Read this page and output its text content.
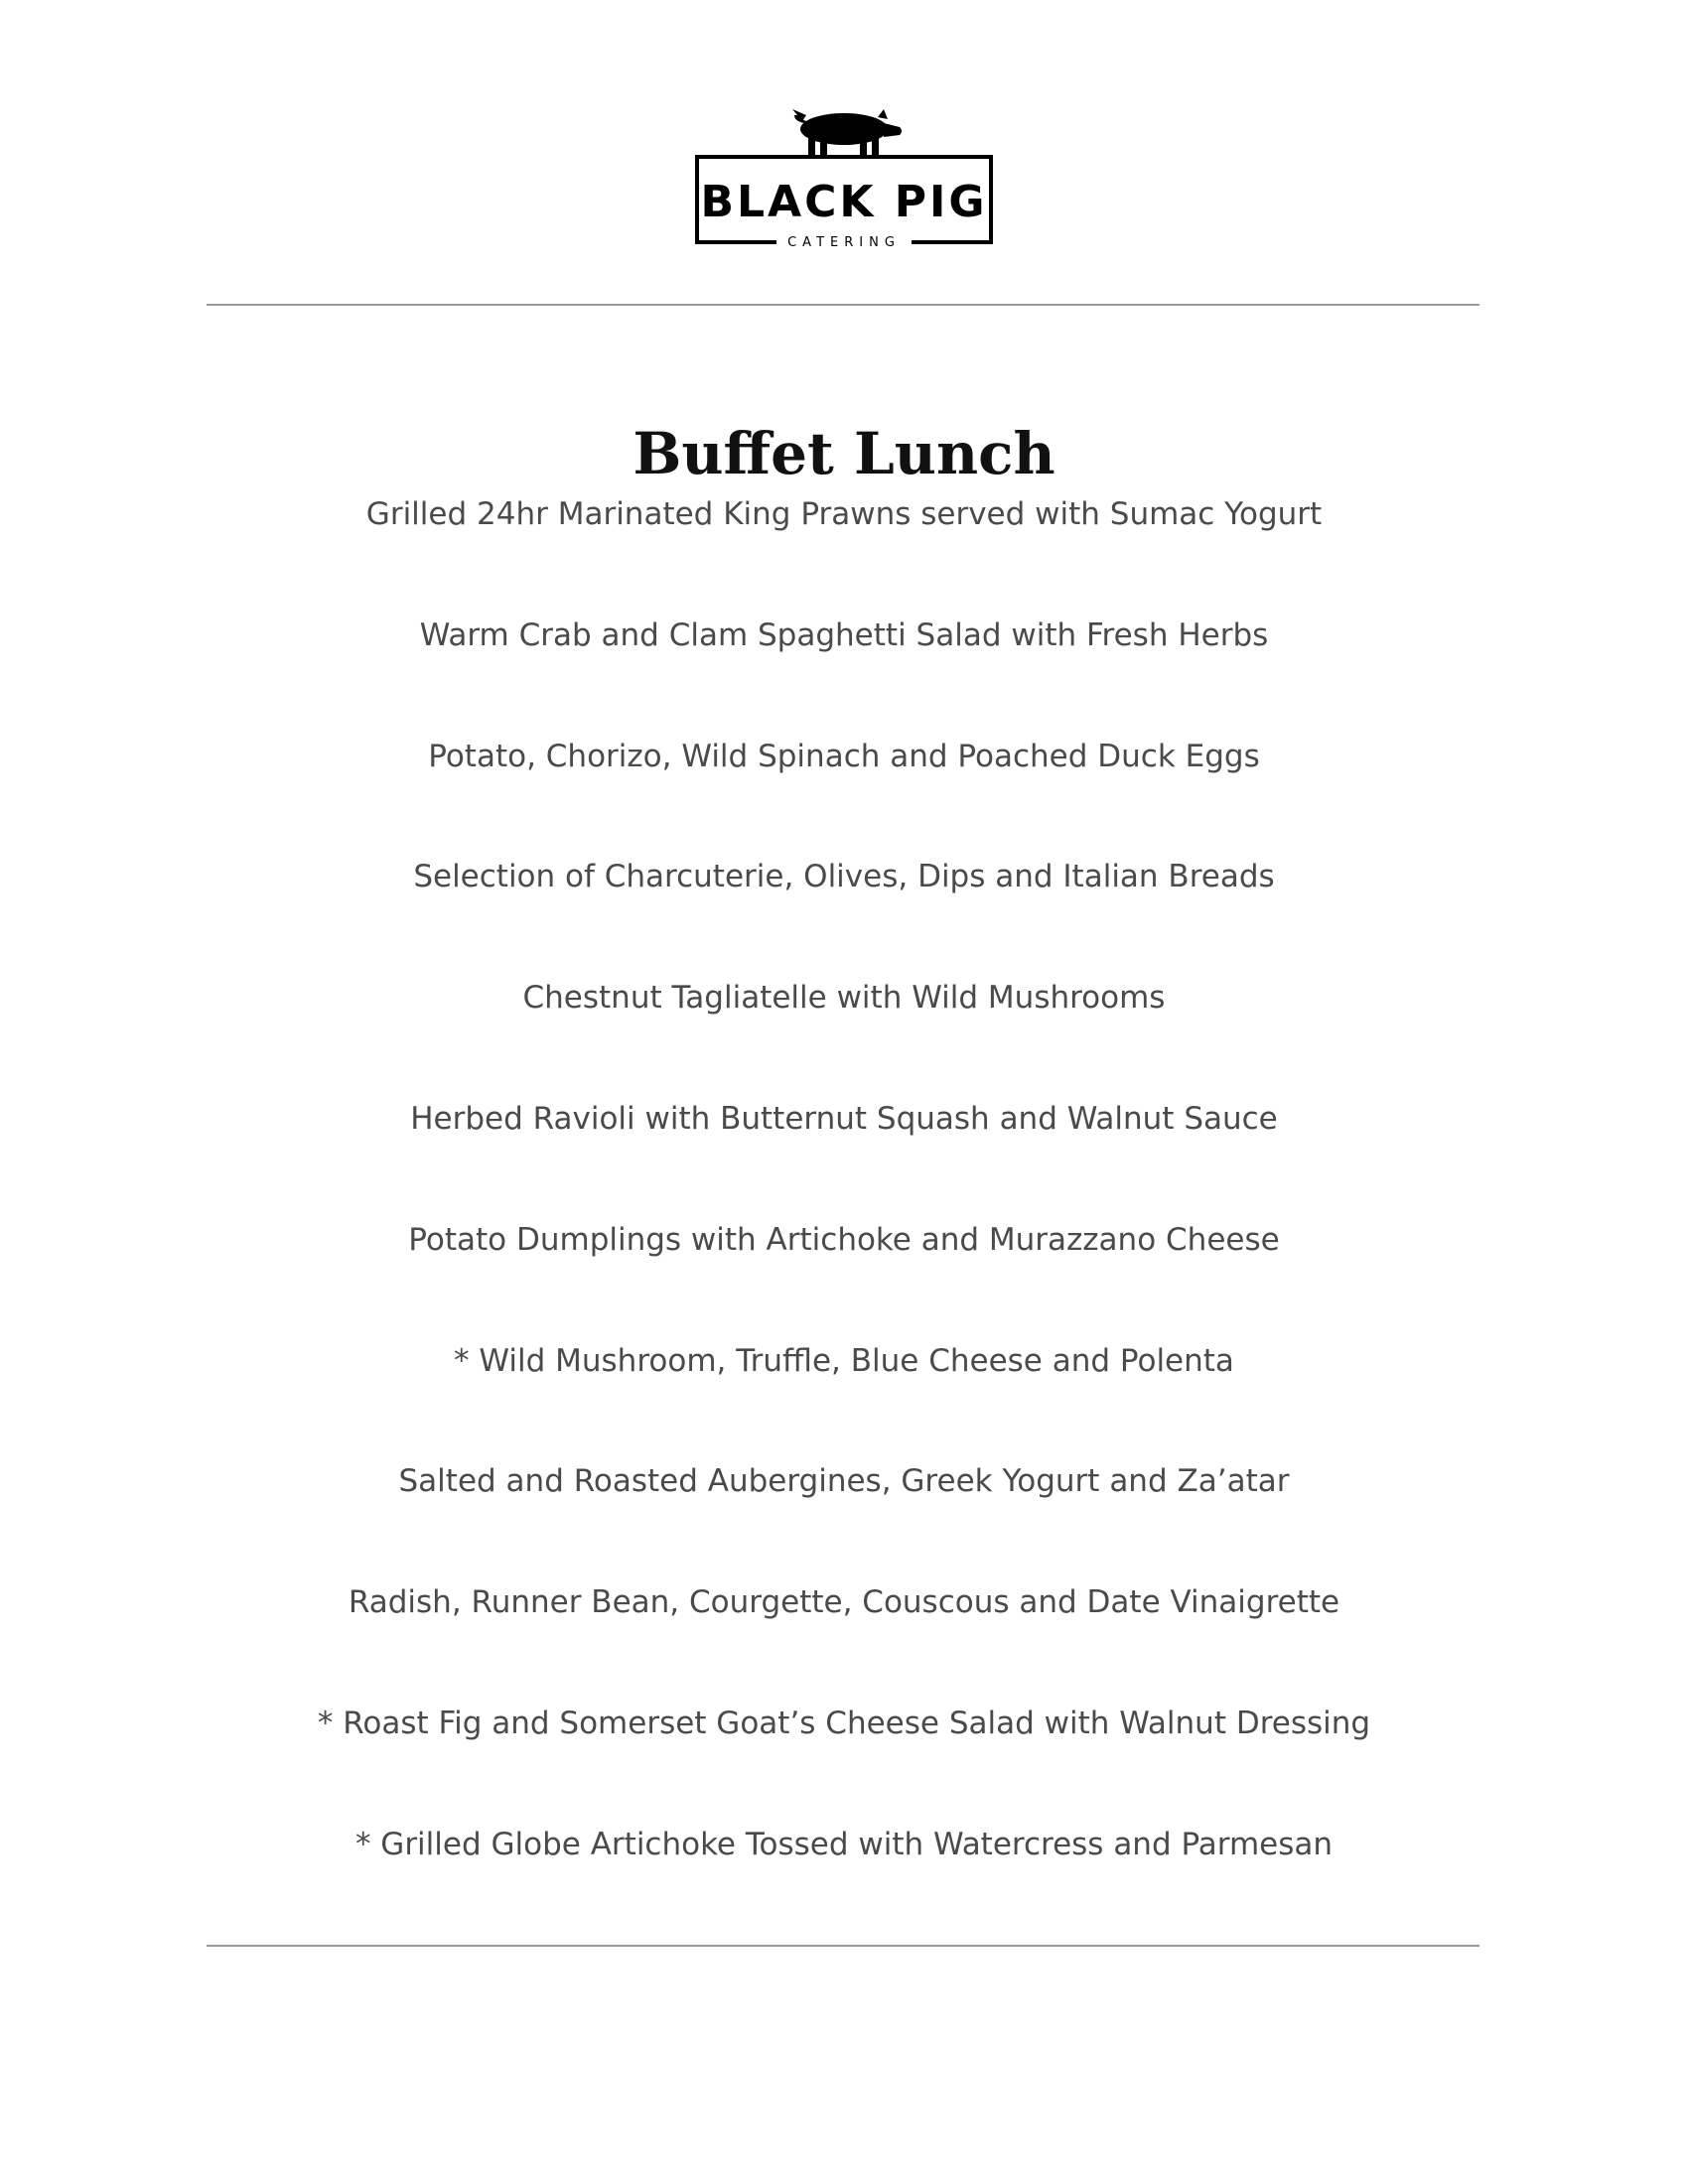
BLACK PIG
CATERING
Buffet Lunch
Grilled 24hr Marinated King Prawns served with Sumac Yogurt
Warm Crab and Clam Spaghetti Salad with Fresh Herbs
Potato, Chorizo, Wild Spinach and Poached Duck Eggs
Selection of Charcuterie, Olives, Dips and Italian Breads
Chestnut Tagliatelle with Wild Mushrooms
Herbed Ravioli with Butternut Squash and Walnut Sauce
Potato Dumplings with Artichoke and Murazzano Cheese
* Wild Mushroom, Truffle, Blue Cheese and Polenta
Salted and Roasted Aubergines, Greek Yogurt and Za’atar
Radish, Runner Bean, Courgette, Couscous and Date Vinaigrette
* Roast Fig and Somerset Goat’s Cheese Salad with Walnut Dressing
* Grilled Globe Artichoke Tossed with Watercress and Parmesan
